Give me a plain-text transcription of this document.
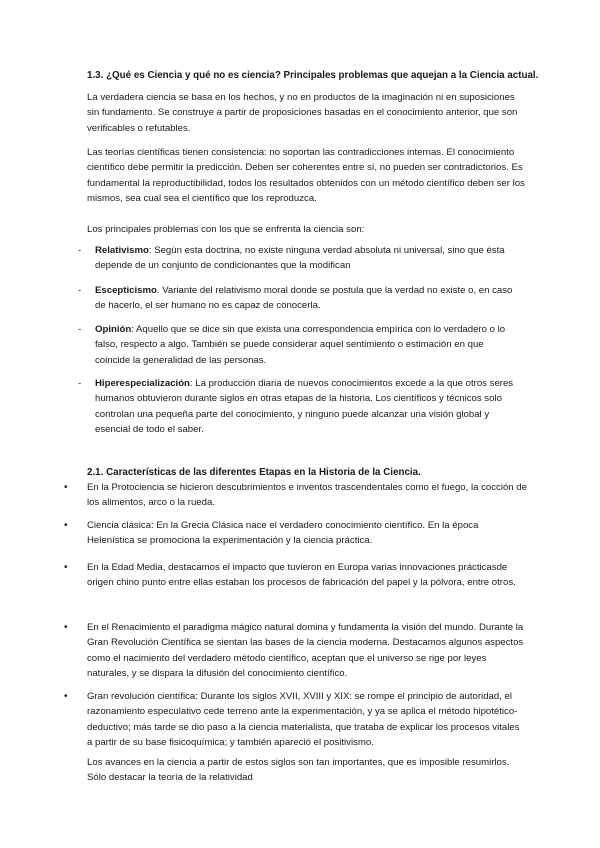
1.3. ¿Qué es Ciencia y qué no es ciencia? Principales problemas que aquejan a la Ciencia actual.
La verdadera ciencia se basa en los hechos, y no en productos de la imaginación ni en suposiciones sin fundamento. Se construye a partir de proposiciones basadas en el conocimiento anterior, que son verificables o refutables.
Las teorías científicas tienen consistencia: no soportan las contradicciones internas. El conocimiento científico debe permitir la predicción. Deben ser coherentes entre sí, no pueden ser contradictorios. Es fundamental la reproductibilidad, todos los resultados obtenidos con un método científico deben ser los mismos, sea cual sea el científico que los reproduzca.
Los principales problemas con los que se enfrenta la ciencia son:
- Relativismo: Según esta doctrina, no existe ninguna verdad absoluta ni universal, sino que ésta depende de un conjunto de condicionantes que la modifican
- Escepticismo. Variante del relativismo moral donde se postula que la verdad no existe o, en caso de hacerlo, el ser humano no es capaz de conocerla.
- Opinión: Aquello que se dice sin que exista una correspondencia empírica con lo verdadero o lo falso, respecto a algo. También se puede considerar aquel sentimiento o estimación en que coincide la generalidad de las personas.
- Hiperespecialización: La producción diaria de nuevos conocimientos excede a la que otros seres humanos obtuvieron durante siglos en otras etapas de la historia. Los científicos y técnicos solo controlan una pequeña parte del conocimiento, y ninguno puede alcanzar una visión global y esencial de todo el saber.
2.1. Características de las diferentes Etapas en la Historia de la Ciencia.
• En la Protociencia se hicieron descubrimientos e inventos trascendentales como el fuego, la cocción de los alimentos, arco o la rueda.
• Ciencia clásica: En la Grecia Clásica nace el verdadero conocimiento científico. En la época Helenística se promociona la experimentación y la ciencia práctica.
• En la Edad Media, destacamos el impacto que tuvieron en Europa varias innovaciones prácticasde origen chino punto entre ellas estaban los procesos de fabricación del papel y la pólvora, entre otros.
• En el Renacimiento el paradigma mágico natural domina y fundamenta la visión del mundo. Durante la Gran Revolución Científica se sientan las bases de la ciencia moderna. Destacamos algunos aspectos como el nacimiento del verdadero método científico, aceptan que el universo se rige por leyes naturales, y se dispara la difusión del conocimiento científico.
• Gran revolución científica: Durante los siglos XVII, XVIII y XIX: se rompe el principio de autoridad, el razonamiento especulativo cede terreno ante la experimentación, y ya se aplica el método hipotético-deductivo; más tarde se dio paso a la ciencia materialista, que trataba de explicar los procesos vitales a partir de su base fisicoquímica; y también apareció el positivismo.
Los avances en la ciencia a partir de estos siglos son tan importantes, que es imposible resumirlos. Sólo destacar la teoría de la relatividad
